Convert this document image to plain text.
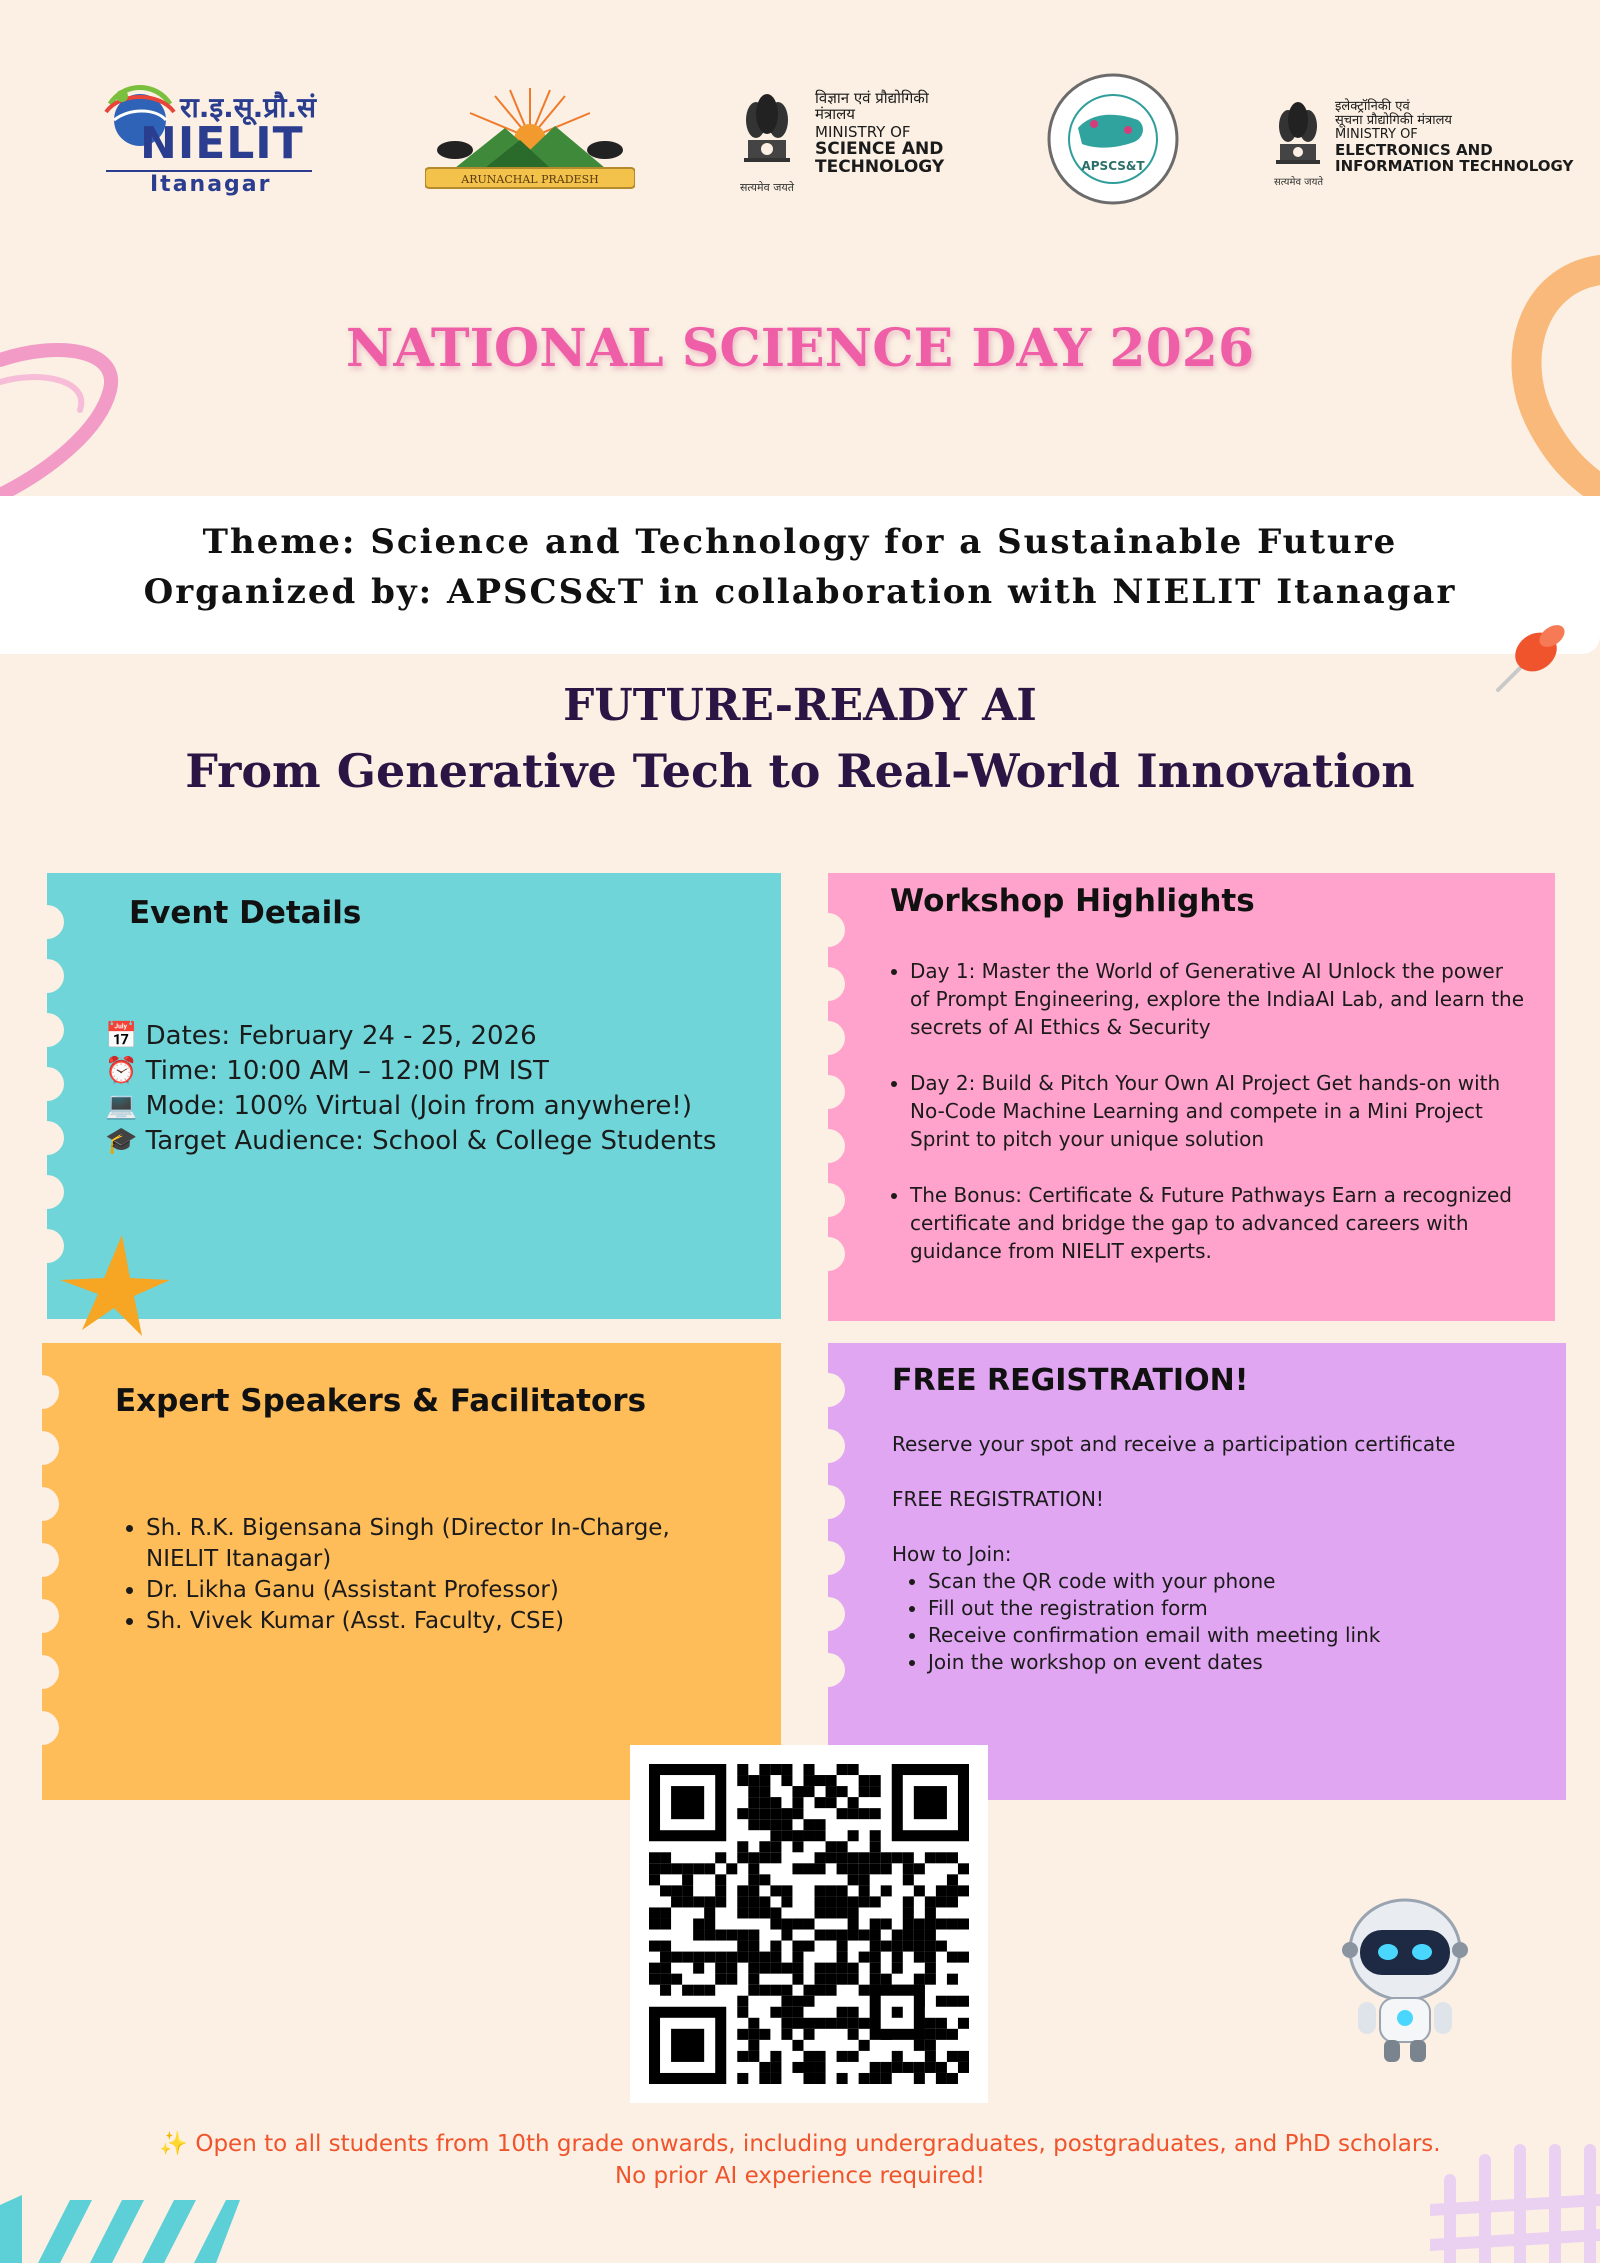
रा.इ.सू.प्रौ.सं
NIELIT
Itanagar	ARUNACHAL PRADESH
सत्यमेव जयते
विज्ञान एवं प्रौद्योगिकी मंत्रालय
MINISTRY OF
SCIENCE AND
TECHNOLOGY	APSCS&T
सत्यमेव जयते
इलेक्ट्रॉनिकी एवं
सूचना प्रौद्योगिकी मंत्रालय
MINISTRY OF
ELECTRONICS AND
INFORMATION TECHNOLOGY
NATIONAL SCIENCE DAY 2026
Theme: Science and Technology for a Sustainable Future
Organized by: APSCS&T in collaboration with NIELIT Itanagar
FUTURE-READY AI
From Generative Tech to Real-World Innovation
Event Details
📅 Dates: February 24 - 25, 2026
⏰ Time: 10:00 AM – 12:00 PM IST
💻 Mode: 100% Virtual (Join from anywhere!)
🎓 Target Audience: School & College Students
Workshop Highlights
• Day 1: Master the World of Generative AI Unlock the power of Prompt Engineering, explore the IndiaAI Lab, and learn the secrets of AI Ethics & Security
• Day 2: Build & Pitch Your Own AI Project Get hands-on with No-Code Machine Learning and compete in a Mini Project Sprint to pitch your unique solution
• The Bonus: Certificate & Future Pathways Earn a recognized certificate and bridge the gap to advanced careers with guidance from NIELIT experts.
Expert Speakers & Facilitators
• Sh. R.K. Bigensana Singh (Director In-Charge, NIELIT Itanagar)
• Dr. Likha Ganu (Assistant Professor)
• Sh. Vivek Kumar (Asst. Faculty, CSE)
FREE REGISTRATION!
Reserve your spot and receive a participation certificate
FREE REGISTRATION!
How to Join:
• Scan the QR code with your phone
• Fill out the registration form
• Receive confirmation email with meeting link
• Join the workshop on event dates
✨ Open to all students from 10th grade onwards, including undergraduates, postgraduates, and PhD scholars.
No prior AI experience required!
